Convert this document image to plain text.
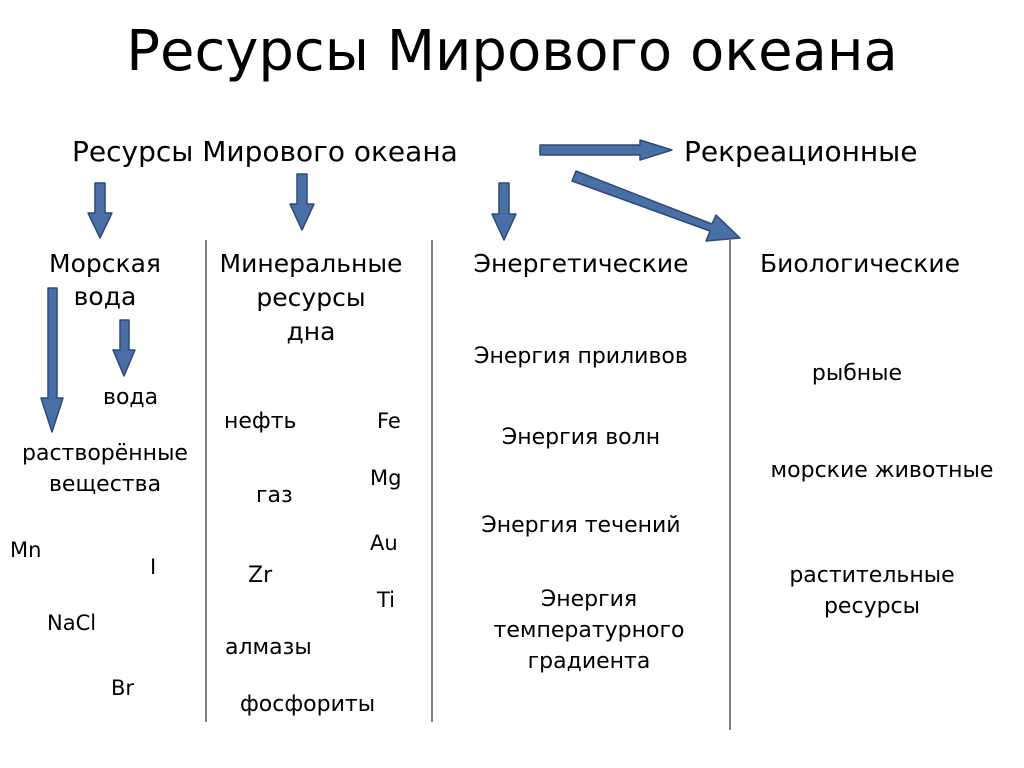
Ресурсы Мирового океана
Ресурсы Мирового океана	Рекреационные
Морская
вода
вода
растворённые
вещества
Mn
I
NaCl
Br
Минеральные
ресурсы
дна
нефть
газ
Zr
алмазы
фосфориты
Fe
Mg
Au
Ti
Энергетические
Энергия приливов
Энергия волн
Энергия течений
Энергия
температурного
градиента
Биологические
рыбные
морские животные
растительные
ресурсы
